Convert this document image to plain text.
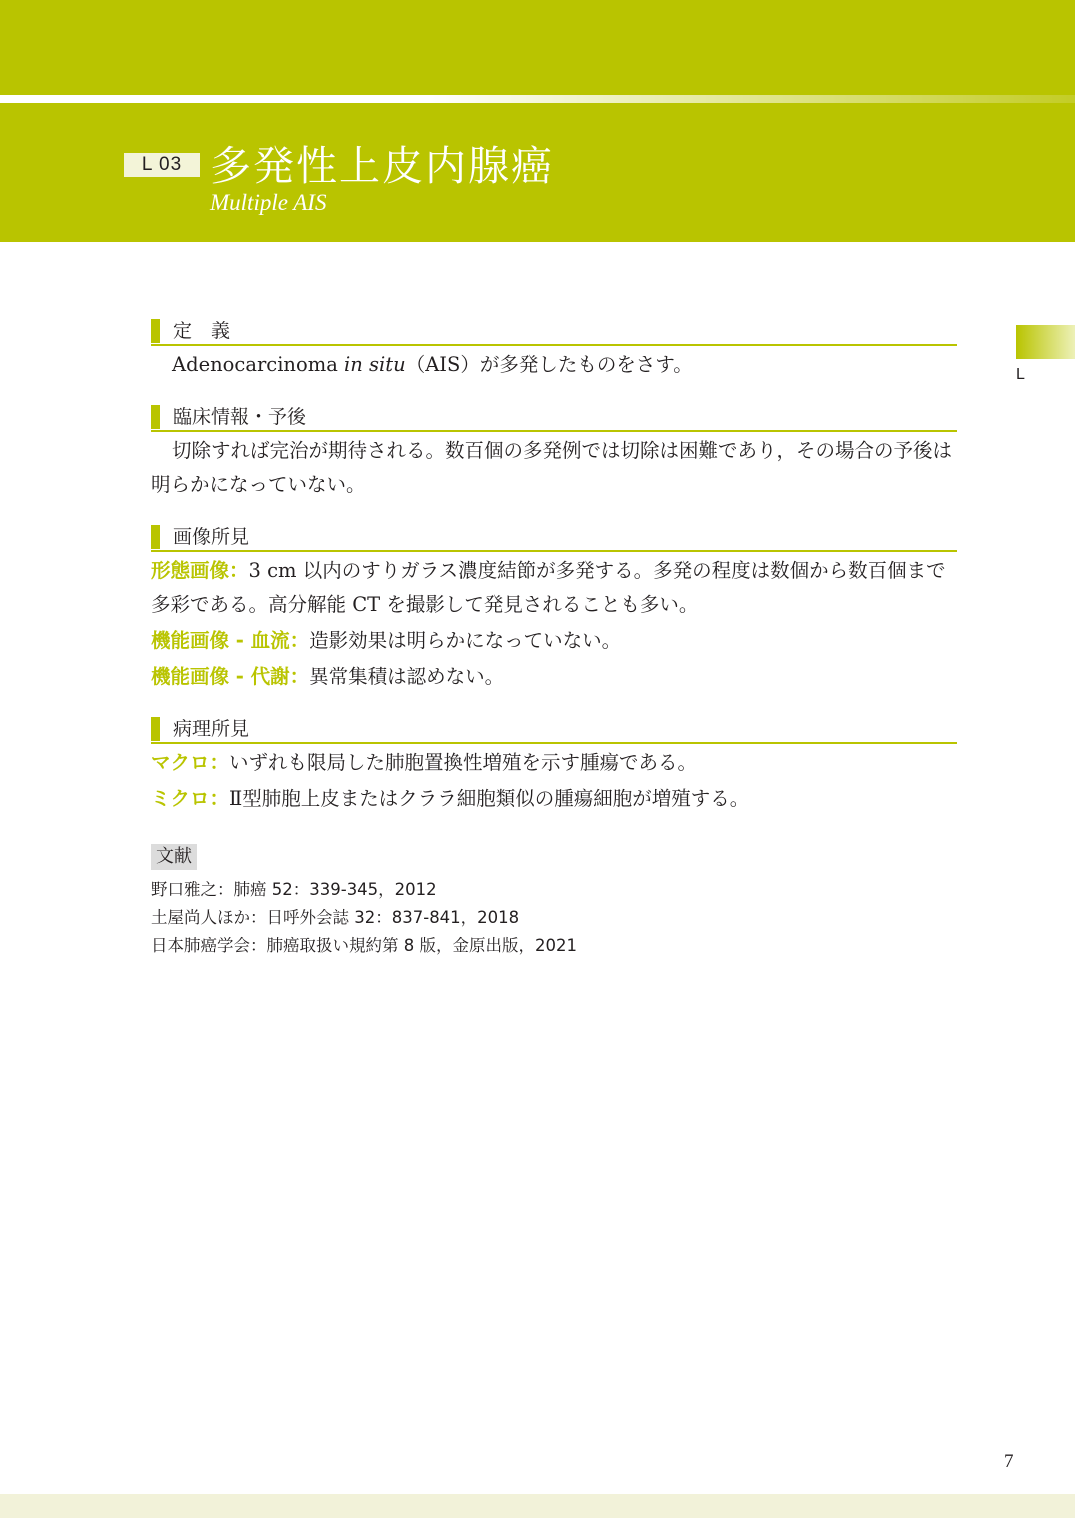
L 03 多発性上皮内腺癌
Multiple AIS
L
定　義

Adenocarcinoma in situ（AIS）が多発したものをさす。

臨床情報・予後

切除すれば完治が期待される。数百個の多発例では切除は困難であり，その場合の予後は明らかになっていない。

画像所見

形態画像：3 cm 以内のすりガラス濃度結節が多発する。多発の程度は数個から数百個まで多彩である。高分解能 CT を撮影して発見されることも多い。

機能画像 - 血流：造影効果は明らかになっていない。

機能画像 - 代謝：異常集積は認めない。

病理所見

マクロ：いずれも限局した肺胞置換性増殖を示す腫瘍である。

ミクロ：Ⅱ型肺胞上皮またはクララ細胞類似の腫瘍細胞が増殖する。

文献
野口雅之：肺癌 52：339-345，2012
土屋尚人ほか：日呼外会誌 32：837-841，2018
日本肺癌学会：肺癌取扱い規約第 8 版，金原出版，2021
7
